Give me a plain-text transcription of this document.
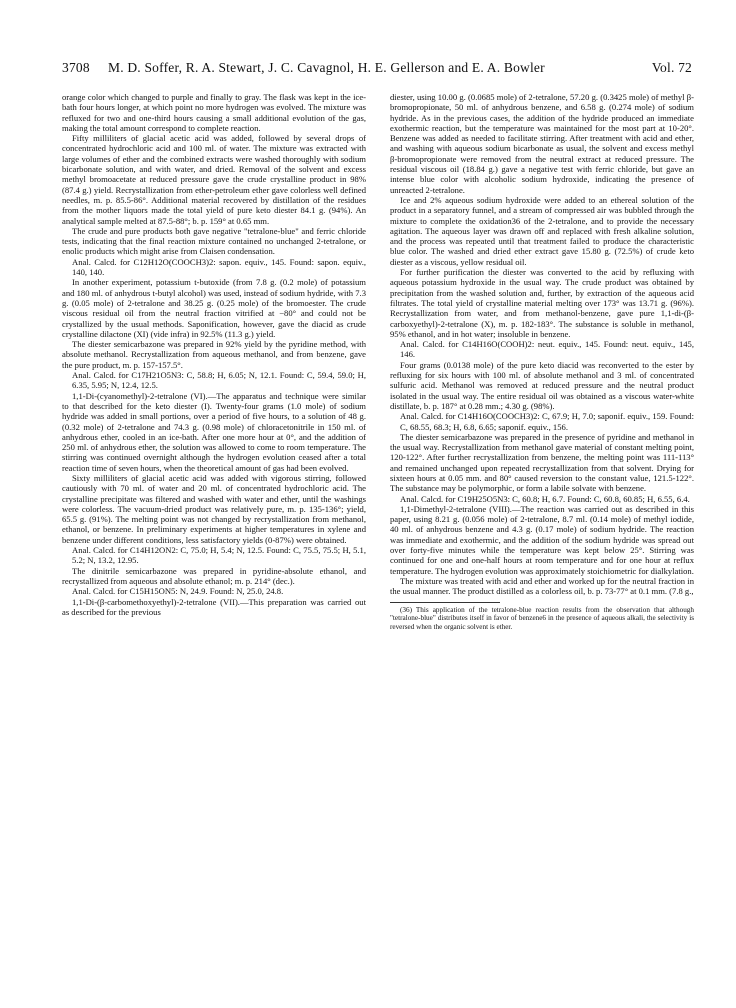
3708 M. D. Soffer, R. A. Stewart, J. C. Cavagnol, H. E. Gellerson and E. A. Bowler	Vol. 72

orange color which changed to purple and finally to gray. The flask was kept in the ice-bath four hours longer, at which point no more hydrogen was evolved. The mixture was refluxed for two and one-third hours causing a small additional evolution of the gas, making the total amount correspond to complete reaction.

Fifty milliliters of glacial acetic acid was added, followed by several drops of concentrated hydrochloric acid and 100 ml. of water. The mixture was extracted with large volumes of ether and the combined extracts were washed thoroughly with sodium bicarbonate solution, and with water, and dried. Removal of the solvent and excess methyl bromoacetate at reduced pressure gave the crude crystalline product in 98% (87.4 g.) yield. Recrystallization from ether-petroleum ether gave colorless well defined needles, m. p. 85.5-86°. Additional material recovered by distillation of the residues from the mother liquors made the total yield of pure keto diester 84.1 g. (94%). An analytical sample melted at 87.5-88°; b. p. 159° at 0.65 mm.

The crude and pure products both gave negative "tetralone-blue" and ferric chloride tests, indicating that the final reaction mixture contained no unchanged 2-tetralone, or enolic products which might arise from Claisen condensation.

Anal. Calcd. for C12H12O(COOCH3)2: sapon. equiv., 145. Found: sapon. equiv., 140, 140.

In another experiment, potassium t-butoxide (from 7.8 g. (0.2 mole) of potassium and 180 ml. of anhydrous t-butyl alcohol) was used, instead of sodium hydride, with 7.3 g. (0.05 mole) of 2-tetralone and 38.25 g. (0.25 mole) of the bromoester. The crude viscous residual oil from the neutral fraction vitrified at −80° and could not be crystallized by the usual methods. Saponification, however, gave the diacid as crude crystalline dilactone (XI) (vide infra) in 92.5% (11.3 g.) yield.

The diester semicarbazone was prepared in 92% yield by the pyridine method, with absolute methanol. Recrystallization from aqueous methanol, and from benzene, gave the pure product, m. p. 157-157.5°.

Anal. Calcd. for C17H21O5N3: C, 58.8; H, 6.05; N, 12.1. Found: C, 59.4, 59.0; H, 6.35, 5.95; N, 12.4, 12.5.

1,1-Di-(cyanomethyl)-2-tetralone (VI).—The apparatus and technique were similar to that described for the keto diester (I). Twenty-four grams (1.0 mole) of sodium hydride was added in small portions, over a period of five hours, to a solution of 48 g. (0.32 mole) of 2-tetralone and 74.3 g. (0.98 mole) of chloracetonitrile in 150 ml. of anhydrous ether, cooled in an ice-bath. After one more hour at 0°, and the addition of 250 ml. of anhydrous ether, the solution was allowed to come to room temperature. The stirring was continued overnight although the hydrogen evolution ceased after a total reaction time of seven hours, when the theoretical amount of gas had been evolved.

Sixty milliliters of glacial acetic acid was added with vigorous stirring, followed cautiously with 70 ml. of water and 20 ml. of concentrated hydrochloric acid. The crystalline precipitate was filtered and washed with water and ether, until the washings were colorless. The vacuum-dried product was relatively pure, m. p. 135-136°; yield, 65.5 g. (91%). The melting point was not changed by recrystallization from methanol, ethanol, or benzene. In preliminary experiments at higher temperatures in xylene and benzene under different conditions, less satisfactory yields (0-87%) were obtained.

Anal. Calcd. for C14H12ON2: C, 75.0; H, 5.4; N, 12.5. Found: C, 75.5, 75.5; H, 5.1, 5.2; N, 13.2, 12.95.

The dinitrile semicarbazone was prepared in pyridine-absolute ethanol, and recrystallized from aqueous and absolute ethanol; m. p. 214° (dec.).

Anal. Calcd. for C15H15ON5: N, 24.9. Found: N, 25.0, 24.8.

1,1-Di-(β-carbomethoxyethyl)-2-tetralone (VII).—This preparation was carried out as described for the previous

diester, using 10.00 g. (0.0685 mole) of 2-tetralone, 57.20 g. (0.3425 mole) of methyl β-bromopropionate, 50 ml. of anhydrous benzene, and 6.58 g. (0.274 mole) of sodium hydride. As in the previous cases, the addition of the hydride produced an immediate exothermic reaction, but the temperature was maintained for the most part at 10-20°. Benzene was added as needed to facilitate stirring. After treatment with acid and ether, and washing with aqueous sodium bicarbonate as usual, the solvent and excess methyl β-bromopropionate were removed from the neutral extract at reduced pressure. The residual viscous oil (18.84 g.) gave a negative test with ferric chloride, but gave an intense blue color with alcoholic sodium hydroxide, indicating the presence of unreacted 2-tetralone.

Ice and 2% aqueous sodium hydroxide were added to an ethereal solution of the product in a separatory funnel, and a stream of compressed air was bubbled through the mixture to complete the oxidation36 of the 2-tetralone, and to provide the necessary agitation. The aqueous layer was drawn off and replaced with fresh alkaline solution, and the process was repeated until that treatment failed to produce the characteristic blue color. The washed and dried ether extract gave 15.80 g. (72.5%) of crude keto diester as a viscous, yellow residual oil.

For further purification the diester was converted to the acid by refluxing with aqueous potassium hydroxide in the usual way. The crude product was obtained by precipitation from the washed solution and, further, by extraction of the aqueous acid filtrates. The total yield of crystalline material melting over 173° was 13.71 g. (96%). Recrystallization from water, and from methanol-benzene, gave pure 1,1-di-(β-carboxyethyl)-2-tetralone (X), m. p. 182-183°. The substance is soluble in methanol, 95% ethanol, and in hot water; insoluble in benzene.

Anal. Calcd. for C14H16O(COOH)2: neut. equiv., 145. Found: neut. equiv., 145, 146.

Four grams (0.0138 mole) of the pure keto diacid was reconverted to the ester by refluxing for six hours with 100 ml. of absolute methanol and 3 ml. of concentrated sulfuric acid. Methanol was removed at reduced pressure and the neutral product isolated in the usual way. The entire residual oil was obtained as a viscous water-white distillate, b. p. 187° at 0.28 mm.; 4.30 g. (98%).

Anal. Calcd. for C14H16O(COOCH3)2: C, 67.9; H, 7.0; saponif. equiv., 159. Found: C, 68.55, 68.3; H, 6.8, 6.65; saponif. equiv., 156.

The diester semicarbazone was prepared in the presence of pyridine and methanol in the usual way. Recrystallization from methanol gave material of constant melting point, 120-122°. After further recrystallization from benzene, the melting point was 111-113° and remained unchanged upon repeated recrystallization from that solvent. Drying for sixteen hours at 0.05 mm. and 80° caused reversion to the constant value, 121.5-122°. The substance may be polymorphic, or form a labile solvate with benzene.

Anal. Calcd. for C19H25O5N3: C, 60.8; H, 6.7. Found: C, 60.8, 60.85; H, 6.55, 6.4.

1,1-Dimethyl-2-tetralone (VIII).—The reaction was carried out as described in this paper, using 8.21 g. (0.056 mole) of 2-tetralone, 8.7 ml. (0.14 mole) of methyl iodide, 40 ml. of anhydrous benzene and 4.3 g. (0.17 mole) of sodium hydride. The reaction was immediate and exothermic, and the addition of the sodium hydride was spread out over forty-five minutes while the temperature was kept below 25°. Stirring was continued for one and one-half hours at room temperature and for one hour at reflux temperature. The hydrogen evolution was approximately stoichiometric for dialkylation.

The mixture was treated with acid and ether and worked up for the neutral fraction in the usual manner. The product distilled as a colorless oil, b. p. 73-77° at 0.1 mm. (7.8 g.,

(36) This application of the tetralone-blue reaction results from the observation that although "tetralone-blue" distributes itself in favor of benzene6 in the presence of aqueous alkali, the selectivity is reversed when the organic solvent is ether.
